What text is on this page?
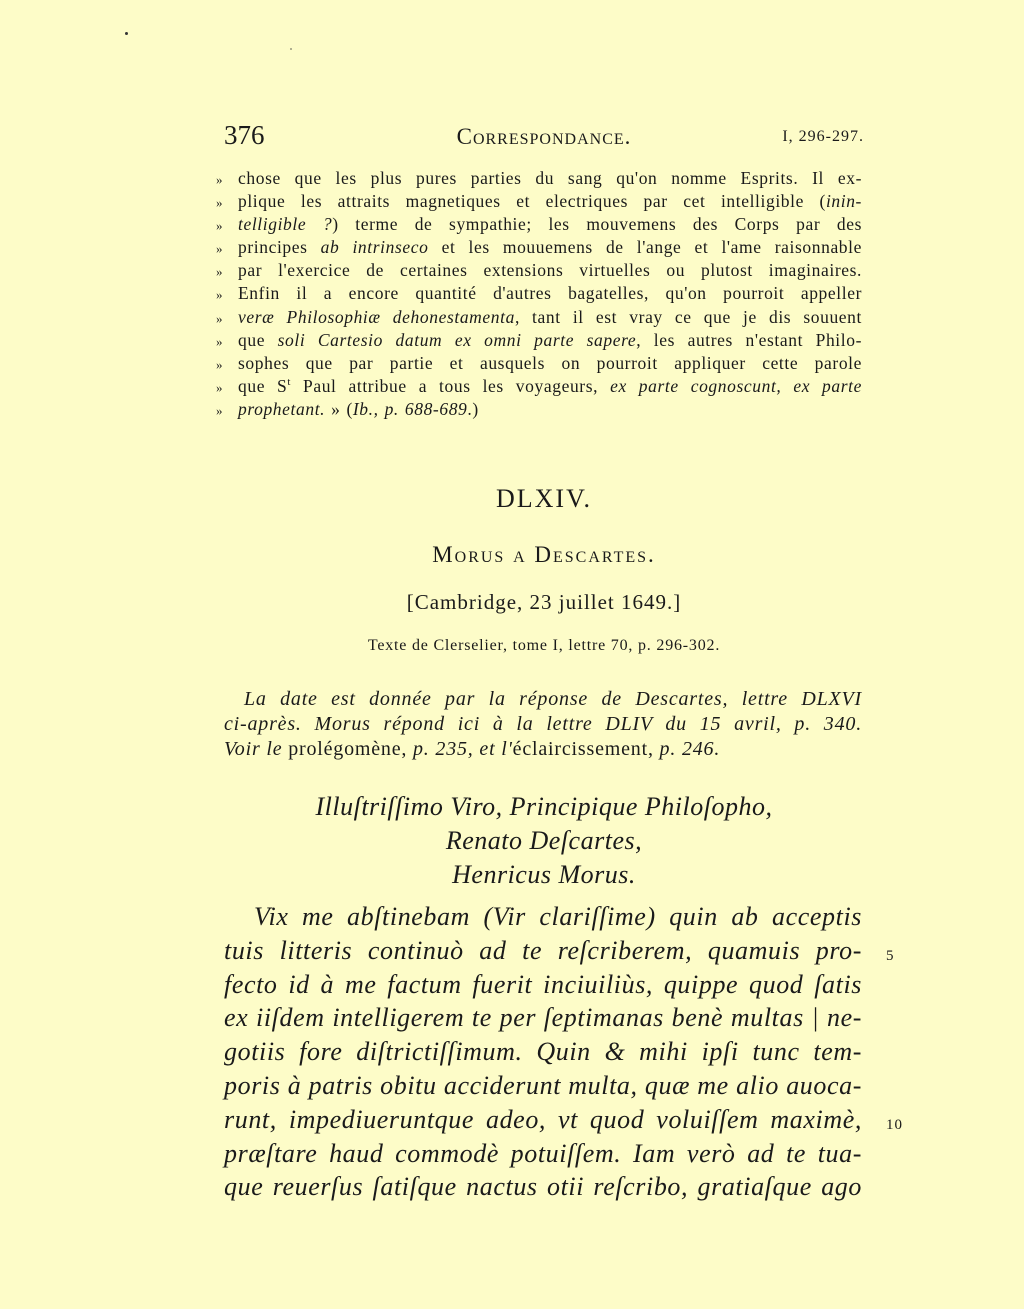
376	Correspondance.	I, 296-297.
» chose que les plus pures parties du sang qu'on nomme Esprits. Il ex-
» plique les attraits magnetiques et electriques par cet intelligible (inin-
» telligible ?) terme de sympathie; les mouvemens des Corps par des
» principes ab intrinseco et les mouuemens de l'ange et l'ame raisonnable
» par l'exercice de certaines extensions virtuelles ou plutost imaginaires.
» Enfin il a encore quantité d'autres bagatelles, qu'on pourroit appeller
» veræ Philosophiæ dehonestamenta, tant il est vray ce que je dis souuent
» que soli Cartesio datum ex omni parte sapere, les autres n'estant Philo-
» sophes que par partie et ausquels on pourroit appliquer cette parole
» que $S^t$ Paul attribue a tous les voyageurs, ex parte cognoscunt, ex parte
» prophetant. » (Ib., p. 688-689.)
DLXIV.
Morus a Descartes.
[Cambridge, 23 juillet 1649.]
Texte de Clerselier, tome I, lettre 70, p. 296-302.
La date est donnée par la réponse de Descartes, lettre DLXVI
ci-après. Morus répond ici à la lettre DLIV du 15 avril, p. 340.
Voir le prolégomène, p. 235, et l'éclaircissement, p. 246.
Illuſtriſſimo Viro, Principique Philoſopho,
Renato Deſcartes,
Henricus Morus.
Vix me abſtinebam (Vir clariſſime) quin ab acceptis
tuis litteris continuò ad te reſcriberem, quamuis pro-
fecto id à me factum fuerit inciuiliùs, quippe quod ſatis
ex iiſdem intelligerem te per ſeptimanas benè multas | ne-
gotiis fore diſtrictiſſimum. Quin & mihi ipſi tunc tem-
poris à patris obitu acciderunt multa, quæ me alio auoca-
runt, impediueruntque adeo, vt quod voluiſſem maximè,
præſtare haud commodè potuiſſem. Iam verò ad te tua-
que reuerſus ſatiſque nactus otii reſcribo, gratiaſque ago
5
10
